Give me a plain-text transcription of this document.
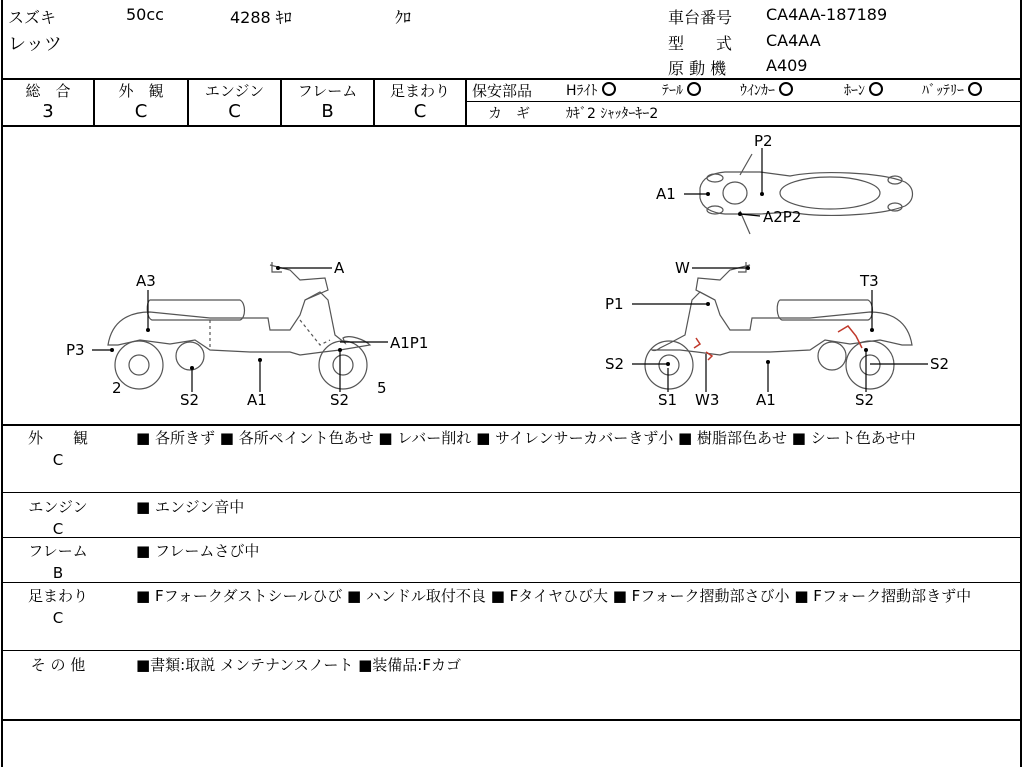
スズキ	50cc	4288 ｷﾛ	ｸﾛ
レッツ
車台番号 CA4AA-187189
型　　式 CA4AA
原 動 機 A409
総　合
3
外　観
C
エンジン
C
フレーム
B
足まわり
C
保安部品 Hﾗｲﾄ	ﾃｰﾙ	ｳｲﾝｶｰ	ﾎｰﾝ	ﾊﾞｯﾃﾘｰ
カ　ギ	ｶｷﾞ2 ｼｬｯﾀｰｷｰ2
P2
A1
A2P2
A
A3
P3	A1P1
2
S2	A1	S2
5
W
T3
P1
S2	S2
S1 W3 A1	S2
外　　観
C
■ 各所きず ■ 各所ペイント色あせ ■ レバー削れ ■ サイレンサーカバーきず小 ■ 樹脂部色あせ ■ シート色あせ中
エンジン
C
■ エンジン音中
フレーム
B
■ フレームさび中
足まわり
C
■ Fフォークダストシールひび ■ ハンドル取付不良 ■ Fタイヤひび大 ■ Fフォーク摺動部さび小 ■ Fフォーク摺動部きず中
そ の 他	■書類:取説 メンテナンスノート ■装備品:Fカゴ
